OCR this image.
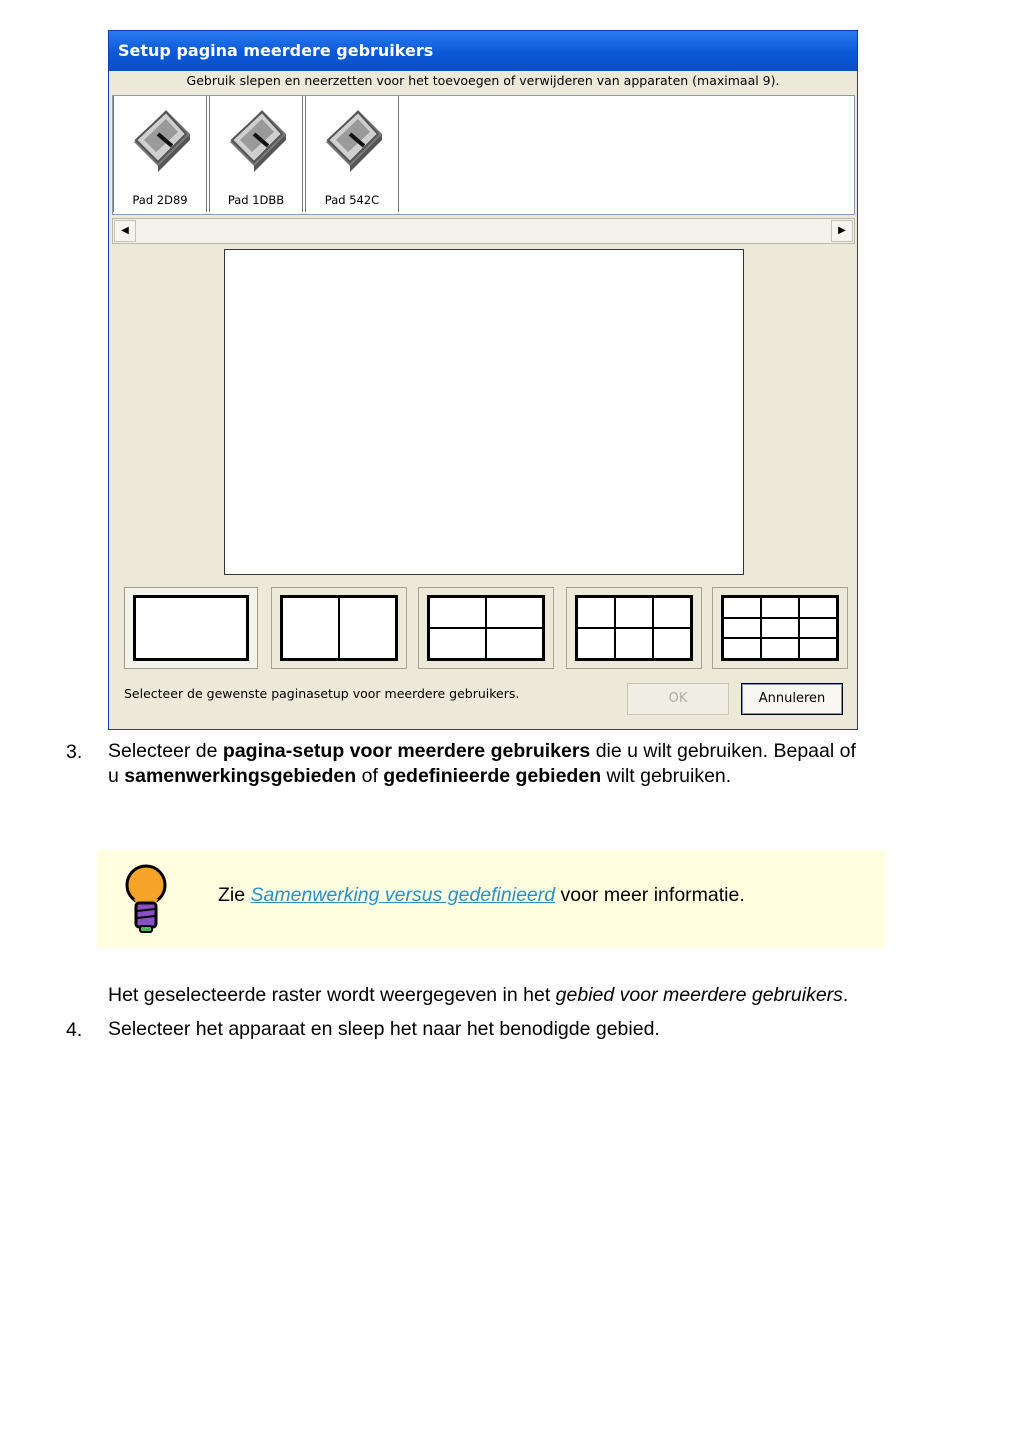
Setup pagina meerdere gebruikers
Gebruik slepen en neerzetten voor het toevoegen of verwijderen van apparaten (maximaal 9).
Pad 2D89	Pad 1DBB	Pad 542C
◀	▶
Selecteer de gewenste paginasetup voor meerdere gebruikers.	OK	Annuleren
3. Selecteer de pagina-setup voor meerdere gebruikers die u wilt gebruiken. Bepaal of
u samenwerkingsgebieden of gedefinieerde gebieden wilt gebruiken.
Zie Samenwerking versus gedefinieerd voor meer informatie.
Het geselecteerde raster wordt weergegeven in het gebied voor meerdere gebruikers.
4. Selecteer het apparaat en sleep het naar het benodigde gebied.
